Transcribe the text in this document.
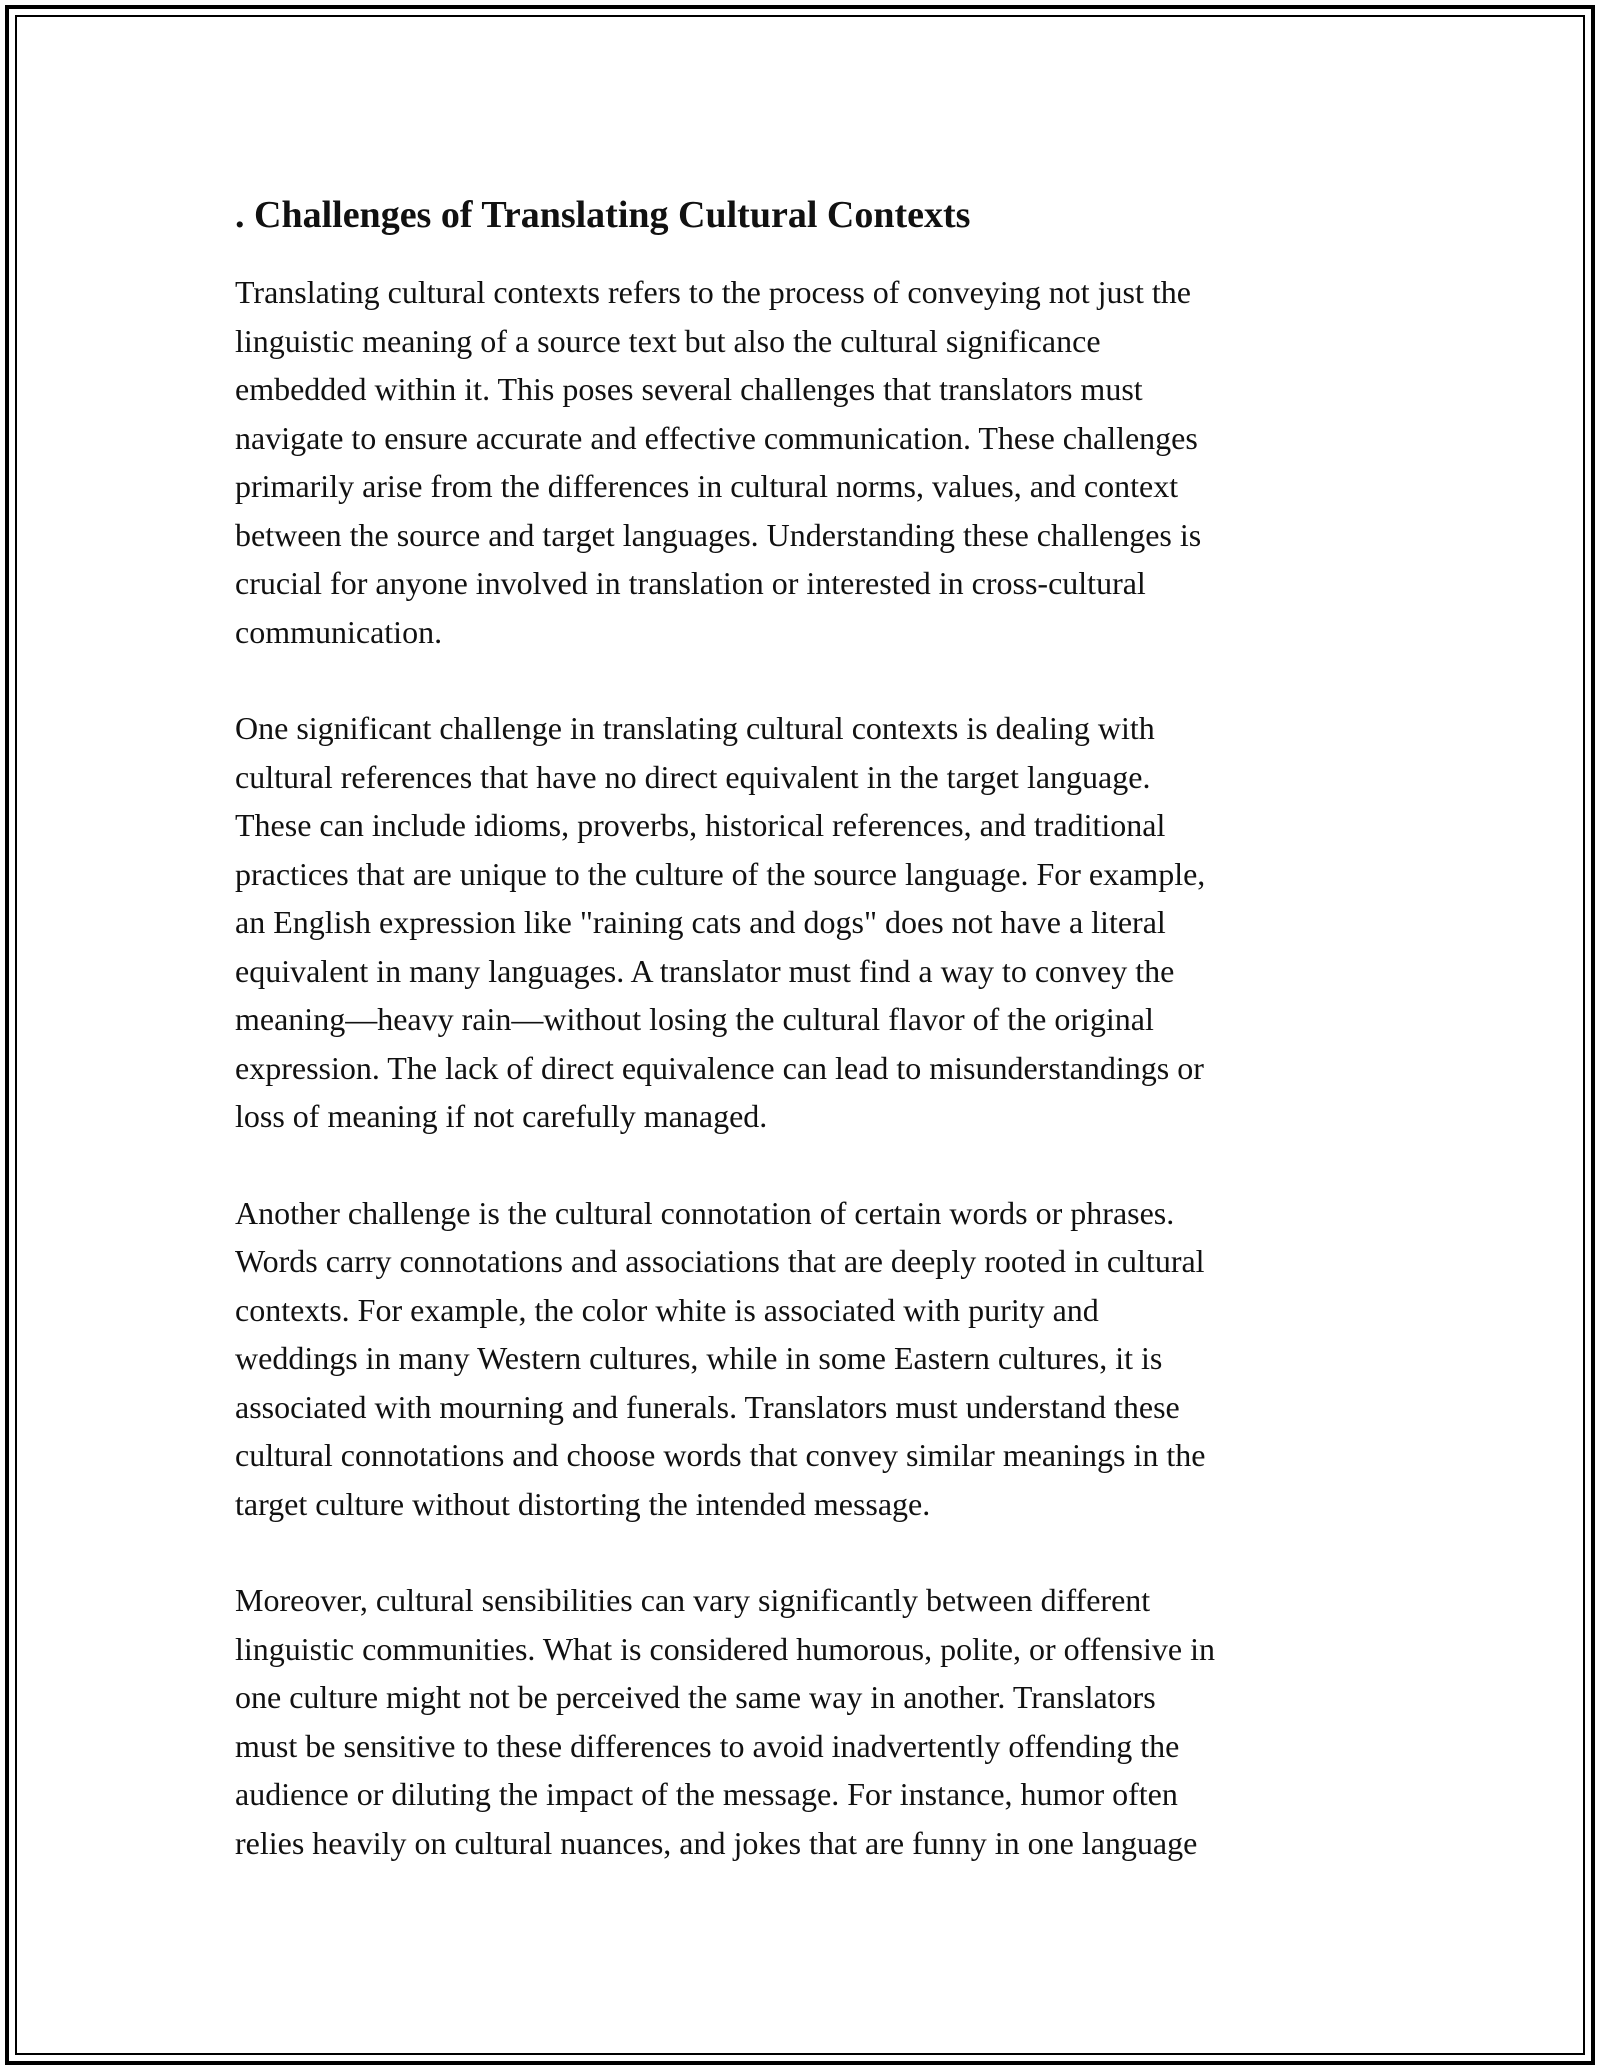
. Challenges of Translating Cultural Contexts

Translating cultural contexts refers to the process of conveying not just the
linguistic meaning of a source text but also the cultural significance
embedded within it. This poses several challenges that translators must
navigate to ensure accurate and effective communication. These challenges
primarily arise from the differences in cultural norms, values, and context
between the source and target languages. Understanding these challenges is
crucial for anyone involved in translation or interested in cross-cultural
communication.

One significant challenge in translating cultural contexts is dealing with
cultural references that have no direct equivalent in the target language.
These can include idioms, proverbs, historical references, and traditional
practices that are unique to the culture of the source language. For example,
an English expression like "raining cats and dogs" does not have a literal
equivalent in many languages. A translator must find a way to convey the
meaning—heavy rain—without losing the cultural flavor of the original
expression. The lack of direct equivalence can lead to misunderstandings or
loss of meaning if not carefully managed.

Another challenge is the cultural connotation of certain words or phrases.
Words carry connotations and associations that are deeply rooted in cultural
contexts. For example, the color white is associated with purity and
weddings in many Western cultures, while in some Eastern cultures, it is
associated with mourning and funerals. Translators must understand these
cultural connotations and choose words that convey similar meanings in the
target culture without distorting the intended message.

Moreover, cultural sensibilities can vary significantly between different
linguistic communities. What is considered humorous, polite, or offensive in
one culture might not be perceived the same way in another. Translators
must be sensitive to these differences to avoid inadvertently offending the
audience or diluting the impact of the message. For instance, humor often
relies heavily on cultural nuances, and jokes that are funny in one language
